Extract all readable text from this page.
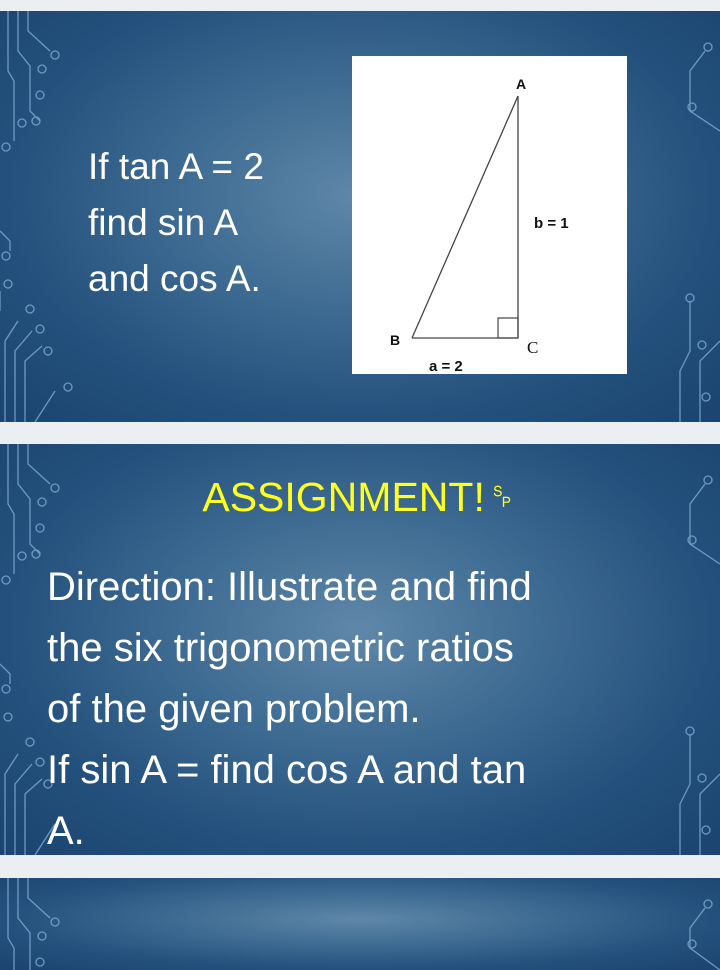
If tan A = 2
find sin A
and cos A.

A
B	C
b = 1
a = 2
ASSIGNMENT!␠

Direction: Illustrate and find
the six trigonometric ratios
of the given problem.
If sin A = find cos A and tan
A.
